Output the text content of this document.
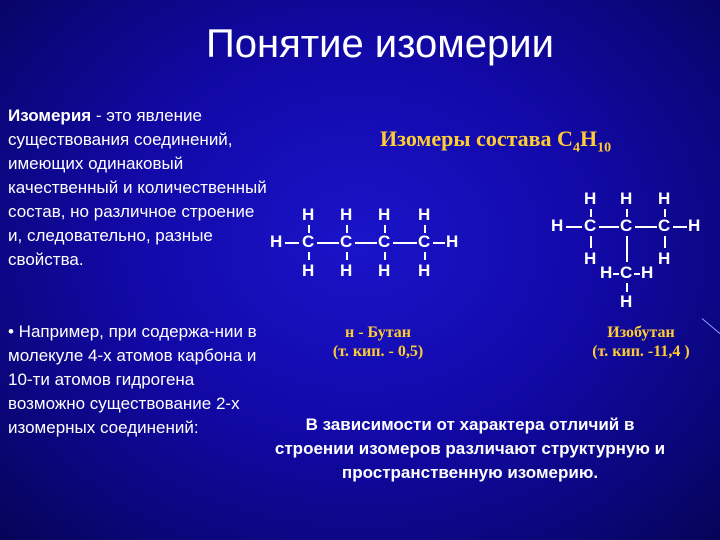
Понятие изомерии
Изомерия - это явление существования соединений, имеющих одинаковый качественный и количественный состав, но различное строение и, следовательно, разные свойства.
• Например, при содержа-нии в молекуле 4-х атомов карбона и 10-ти атомов гидрогена возможно существование 2-х изомерных соединений:	В зависимости от характера отличий в строении изомеров различают структурную и пространственную изомерию.
Изомеры состава $C_4H_{10}$
H H H H
H C C C C H
H H H H
H H H
H C C C H
H	H
H C H
H
н - Бутан
(т. кип. - 0,5)
Изобутан
(т. кип. -11,4 )
